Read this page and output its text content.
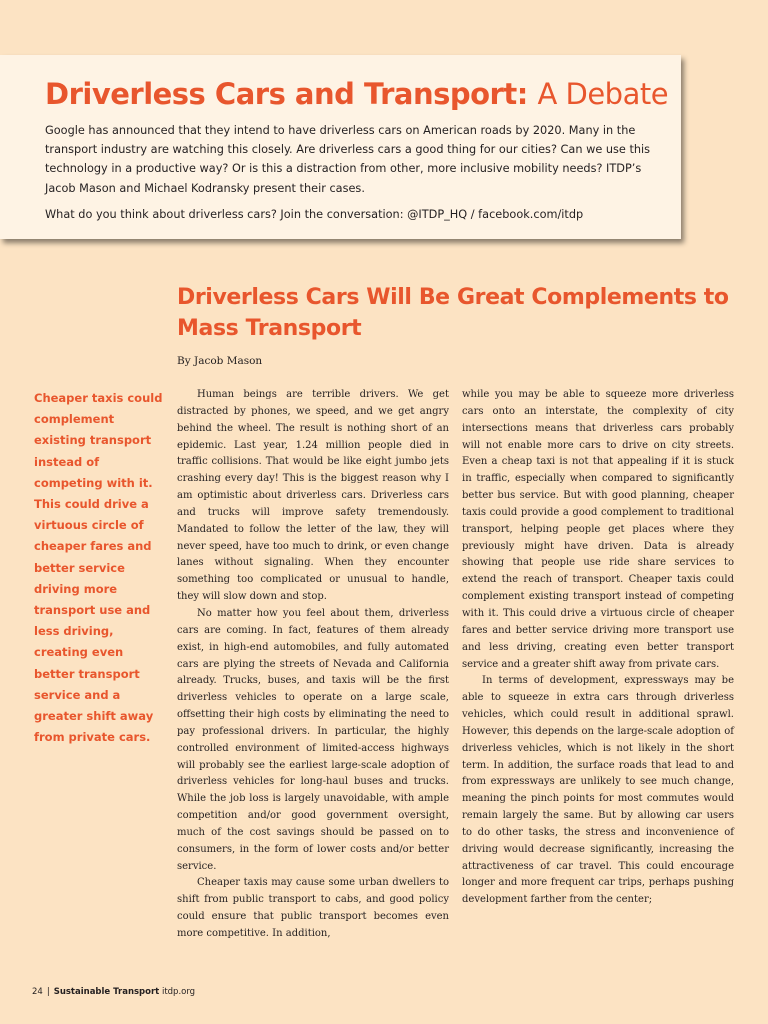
Driverless Cars and Transport: A Debate

Google has announced that they intend to have driverless cars on American roads by 2020. Many in the transport industry are watching this closely. Are driverless cars a good thing for our cities? Can we use this technology in a productive way? Or is this a distraction from other, more inclusive mobility needs? ITDP’s Jacob Mason and Michael Kodransky present their cases.

What do you think about driverless cars? Join the conversation: @ITDP_HQ / facebook.com/itdp

Driverless Cars Will Be Great Complements to Mass Transport

By Jacob Mason

Cheaper taxis could complement existing transport instead of competing with it. This could drive a virtuous circle of cheaper fares and better service driving more transport use and less driving, creating even better transport service and a greater shift away from private cars.

Human beings are terrible drivers. We get distracted by phones, we speed, and we get angry behind the wheel. The result is nothing short of an epidemic. Last year, 1.24 million people died in traffic collisions. That would be like eight jumbo jets crashing every day! This is the biggest reason why I am optimistic about driverless cars. Driverless cars and trucks will improve safety tremendously. Mandated to follow the letter of the law, they will never speed, have too much to drink, or even change lanes without signaling. When they encounter something too complicated or unusual to handle, they will slow down and stop.

No matter how you feel about them, driverless cars are coming. In fact, features of them already exist, in high-end automobiles, and fully automated cars are plying the streets of Nevada and California already. Trucks, buses, and taxis will be the first driverless vehicles to operate on a large scale, offsetting their high costs by eliminating the need to pay professional drivers. In particular, the highly controlled environment of limited-access highways will probably see the earliest large-scale adoption of driverless vehicles for long-haul buses and trucks. While the job loss is largely unavoidable, with ample competition and/or good government oversight, much of the cost savings should be passed on to consumers, in the form of lower costs and/or better service.

Cheaper taxis may cause some urban dwellers to shift from public transport to cabs, and good policy could ensure that public transport becomes even more competitive. In addition,

while you may be able to squeeze more driverless cars onto an interstate, the complexity of city intersections means that driverless cars probably will not enable more cars to drive on city streets. Even a cheap taxi is not that appealing if it is stuck in traffic, especially when compared to significantly better bus service. But with good planning, cheaper taxis could provide a good complement to traditional transport, helping people get places where they previously might have driven. Data is already showing that people use ride share services to extend the reach of transport. Cheaper taxis could complement existing transport instead of competing with it. This could drive a virtuous circle of cheaper fares and better service driving more transport use and less driving, creating even better transport service and a greater shift away from private cars.

In terms of development, expressways may be able to squeeze in extra cars through driverless vehicles, which could result in additional sprawl. However, this depends on the large-scale adoption of driverless vehicles, which is not likely in the short term. In addition, the surface roads that lead to and from expressways are unlikely to see much change, meaning the pinch points for most commutes would remain largely the same. But by allowing car users to do other tasks, the stress and inconvenience of driving would decrease significantly, increasing the attractiveness of car travel. This could encourage longer and more frequent car trips, perhaps pushing development farther from the center;

24 | Sustainable Transport itdp.org
